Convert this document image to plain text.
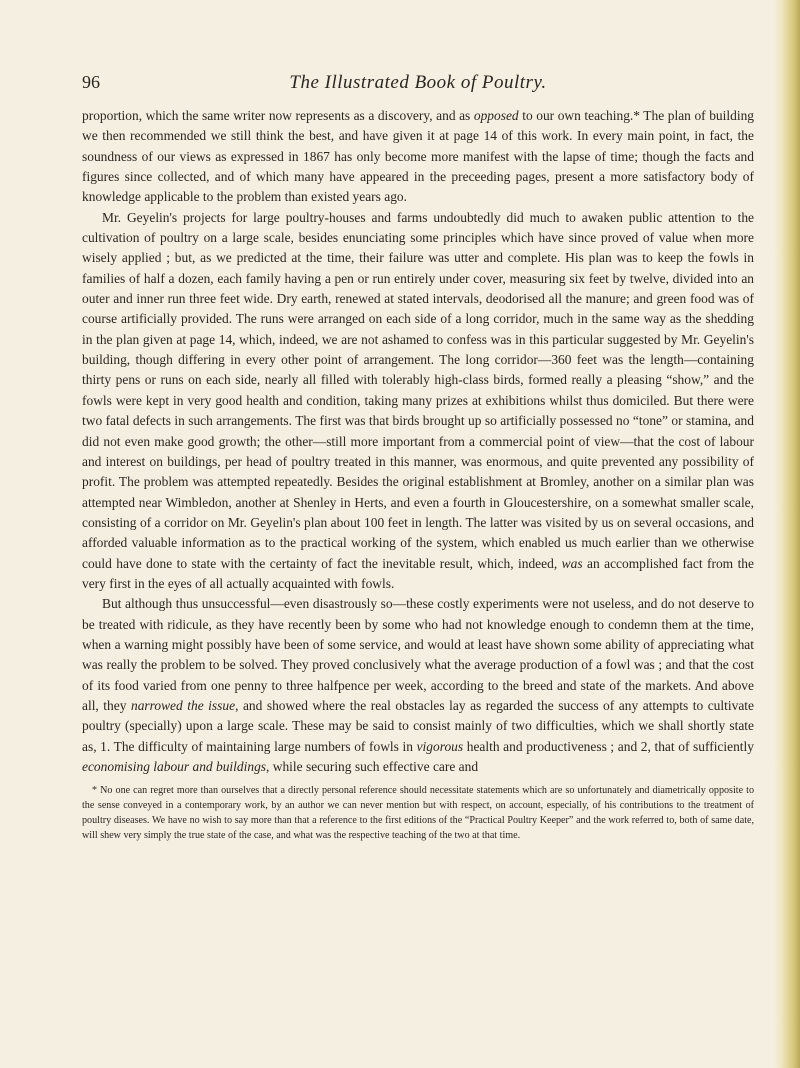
96	The Illustrated Book of Poultry.

proportion, which the same writer now represents as a discovery, and as opposed to our own teaching.* The plan of building we then recommended we still think the best, and have given it at page 14 of this work. In every main point, in fact, the soundness of our views as expressed in 1867 has only become more manifest with the lapse of time; though the facts and figures since collected, and of which many have appeared in the preceeding pages, present a more satisfactory body of knowledge applicable to the problem than existed years ago.

Mr. Geyelin's projects for large poultry-houses and farms undoubtedly did much to awaken public attention to the cultivation of poultry on a large scale, besides enunciating some principles which have since proved of value when more wisely applied ; but, as we predicted at the time, their failure was utter and complete. His plan was to keep the fowls in families of half a dozen, each family having a pen or run entirely under cover, measuring six feet by twelve, divided into an outer and inner run three feet wide. Dry earth, renewed at stated intervals, deodorised all the manure; and green food was of course artificially provided. The runs were arranged on each side of a long corridor, much in the same way as the shedding in the plan given at page 14, which, indeed, we are not ashamed to confess was in this particular suggested by Mr. Geyelin's building, though differing in every other point of arrangement. The long corridor—360 feet was the length—containing thirty pens or runs on each side, nearly all filled with tolerably high-class birds, formed really a pleasing “show,” and the fowls were kept in very good health and condition, taking many prizes at exhibitions whilst thus domiciled. But there were two fatal defects in such arrangements. The first was that birds brought up so artificially possessed no “tone” or stamina, and did not even make good growth; the other—still more important from a commercial point of view—that the cost of labour and interest on buildings, per head of poultry treated in this manner, was enormous, and quite prevented any possibility of profit. The problem was attempted repeatedly. Besides the original establishment at Bromley, another on a similar plan was attempted near Wimbledon, another at Shenley in Herts, and even a fourth in Gloucestershire, on a somewhat smaller scale, consisting of a corridor on Mr. Geyelin's plan about 100 feet in length. The latter was visited by us on several occasions, and afforded valuable information as to the practical working of the system, which enabled us much earlier than we otherwise could have done to state with the certainty of fact the inevitable result, which, indeed, was an accomplished fact from the very first in the eyes of all actually acquainted with fowls.

But although thus unsuccessful—even disastrously so—these costly experiments were not useless, and do not deserve to be treated with ridicule, as they have recently been by some who had not knowledge enough to condemn them at the time, when a warning might possibly have been of some service, and would at least have shown some ability of appreciating what was really the problem to be solved. They proved conclusively what the average production of a fowl was ; and that the cost of its food varied from one penny to three halfpence per week, according to the breed and state of the markets. And above all, they narrowed the issue, and showed where the real obstacles lay as regarded the success of any attempts to cultivate poultry (specially) upon a large scale. These may be said to consist mainly of two difficulties, which we shall shortly state as, 1. The difficulty of maintaining large numbers of fowls in vigorous health and productiveness ; and 2, that of sufficiently economising labour and buildings, while securing such effective care and

* No one can regret more than ourselves that a directly personal reference should necessitate statements which are so unfortunately and diametrically opposite to the sense conveyed in a contemporary work, by an author we can never mention but with respect, on account, especially, of his contributions to the treatment of poultry diseases. We have no wish to say more than that a reference to the first editions of the “Practical Poultry Keeper” and the work referred to, both of same date, will shew very simply the true state of the case, and what was the respective teaching of the two at that time.
